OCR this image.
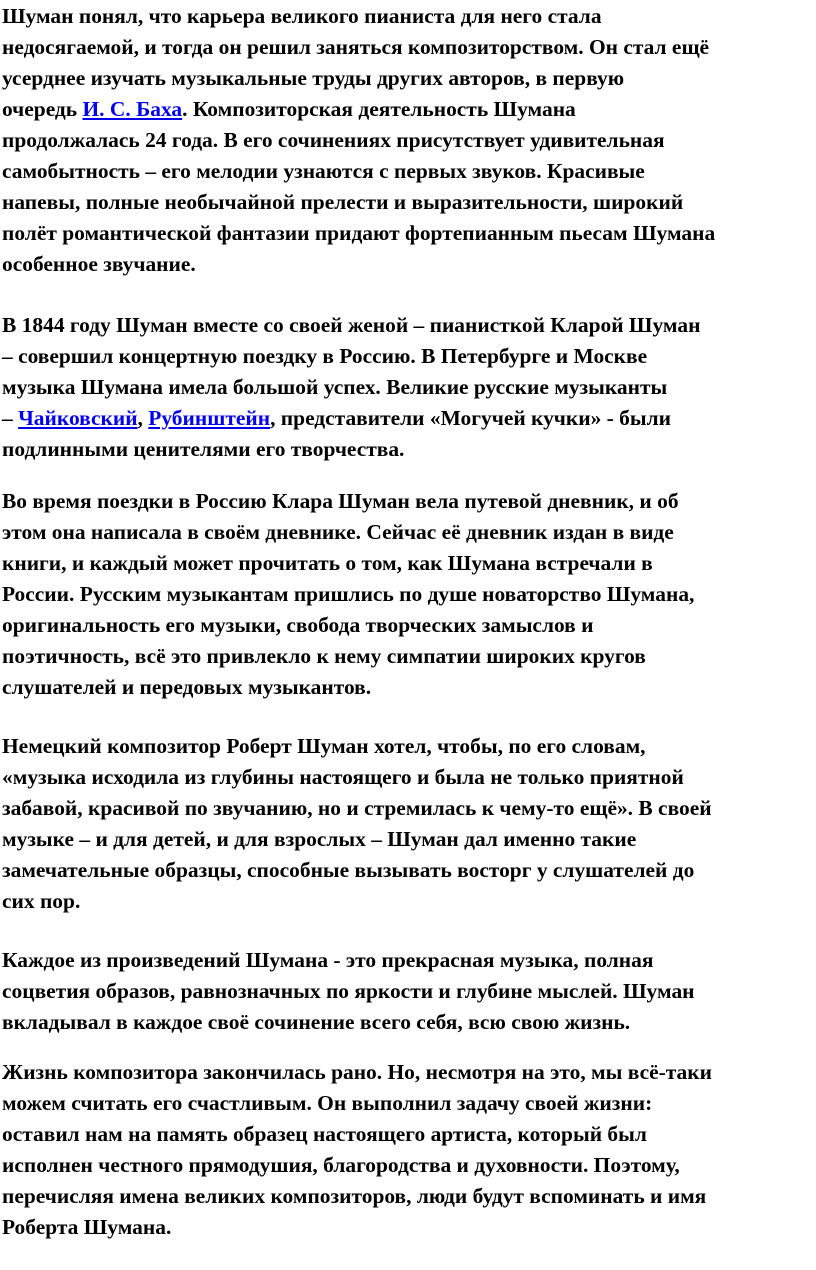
Шуман понял, что карьера великого пианиста для него стала
недосягаемой, и тогда он решил заняться композиторством. Он стал ещё
усерднее изучать музыкальные труды других авторов, в первую
очередь И. С. Баха. Композиторская деятельность Шумана
продолжалась 24 года. В его сочинениях присутствует удивительная
самобытность – его мелодии узнаются с первых звуков. Красивые
напевы, полные необычайной прелести и выразительности, широкий
полёт романтической фантазии придают фортепианным пьесам Шумана
особенное звучание.

В 1844 году Шуман вместе со своей женой – пианисткой Кларой Шуман
– совершил концертную поездку в Россию. В Петербурге и Москве
музыка Шумана имела большой успех. Великие русские музыканты
– Чайковский, Рубинштейн, представители «Могучей кучки» - были
подлинными ценителями его творчества.

Во время поездки в Россию Клара Шуман вела путевой дневник, и об
этом она написала в своём дневнике. Сейчас её дневник издан в виде
книги, и каждый может прочитать о том, как Шумана встречали в
России. Русским музыкантам пришлись по душе новаторство Шумана,
оригинальность его музыки, свобода творческих замыслов и
поэтичность, всё это привлекло к нему симпатии широких кругов
слушателей и передовых музыкантов.

Немецкий композитор Роберт Шуман хотел, чтобы, по его словам,
«музыка исходила из глубины настоящего и была не только приятной
забавой, красивой по звучанию, но и стремилась к чему-то ещё». В своей
музыке – и для детей, и для взрослых – Шуман дал именно такие
замечательные образцы, способные вызывать восторг у слушателей до
сих пор.

Каждое из произведений Шумана - это прекрасная музыка, полная
соцветия образов, равнозначных по яркости и глубине мыслей. Шуман
вкладывал в каждое своё сочинение всего себя, всю свою жизнь.

Жизнь композитора закончилась рано. Но, несмотря на это, мы всё-таки
можем считать его счастливым. Он выполнил задачу своей жизни:
оставил нам на память образец настоящего артиста, который был
исполнен честного прямодушия, благородства и духовности. Поэтому,
перечисляя имена великих композиторов, люди будут вспоминать и имя
Роберта Шумана.
